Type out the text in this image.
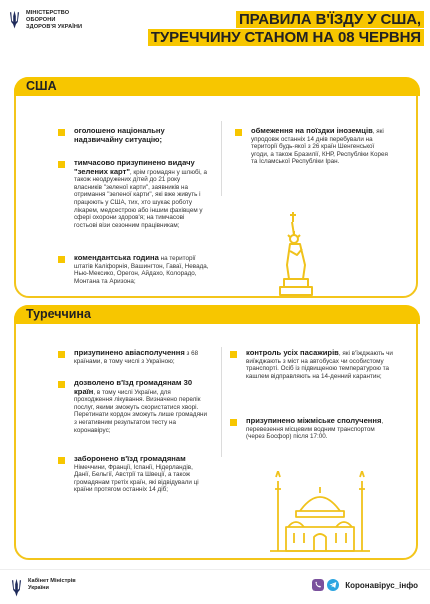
МІНІСТЕРСТВО ОБОРОНИ ЗДОРОВ'Я УКРАЇНИ	ПРАВИЛА В'ЇЗДУ У США,
ТУРЕЧЧИНУ СТАНОМ НА 08 ЧЕРВНЯ
США
оголошено національну надзвичайну ситуацію;
тимчасово призупинено видачу "зелених карт", крім громадян у шлюбі, а також неодружених дітей до 21 року власників "зеленої карти", заявників на отримання "зеленої карти", які вже живуть і працюють у США, тих, хто шукає роботу лікарем, медсестрою або іншим фахівцем у сфері охорони здоров'я; на тимчасові гостьові візи сезонним працівникам;
комендантська година на території штатів Каліфорнія, Вашингтон, Гаваї, Невада, Нью-Мексико, Орегон, Айдахо, Колорадо, Монтана та Аризона;
обмеження на поїздки іноземців, які упродовж останніх 14 днів перебували на території будь-якої з 26 країн Шенгенської угоди, а також Бразилії, КНР, Республіки Корея та Ісламської Республіки Іран.
Туреччина
призупинено авіасполучення з 68 країнами, в тому числі з Україною;
дозволено в'їзд громадянам 30 країн, в тому числі України, для проходження лікування. Визначено перелік послуг, якими зможуть скористатися хворі. Перетинати кордон зможуть лише громадяни з негативним результатом тесту на коронавірус;
заборонено в'їзд громадянам Німеччини, Франції, Іспанії, Нідерландів, Данії, Бельгії, Австрії та Швеції, а також громадянам третіх країн, які відвідували ці країни протягом останніх 14 діб;
контроль усіх пасажирів, які в'їжджають чи виїжджають з міст на автобусах чи особистому транспорті. Осіб із підвищеною температурою та кашлем відправляють на 14-денний карантин;
призупинено міжміське сполучення, перевезення місцевим водним транспортом (через Босфор) після 17:00.
Кабінет Міністрів України	Коронавірус_інфо
